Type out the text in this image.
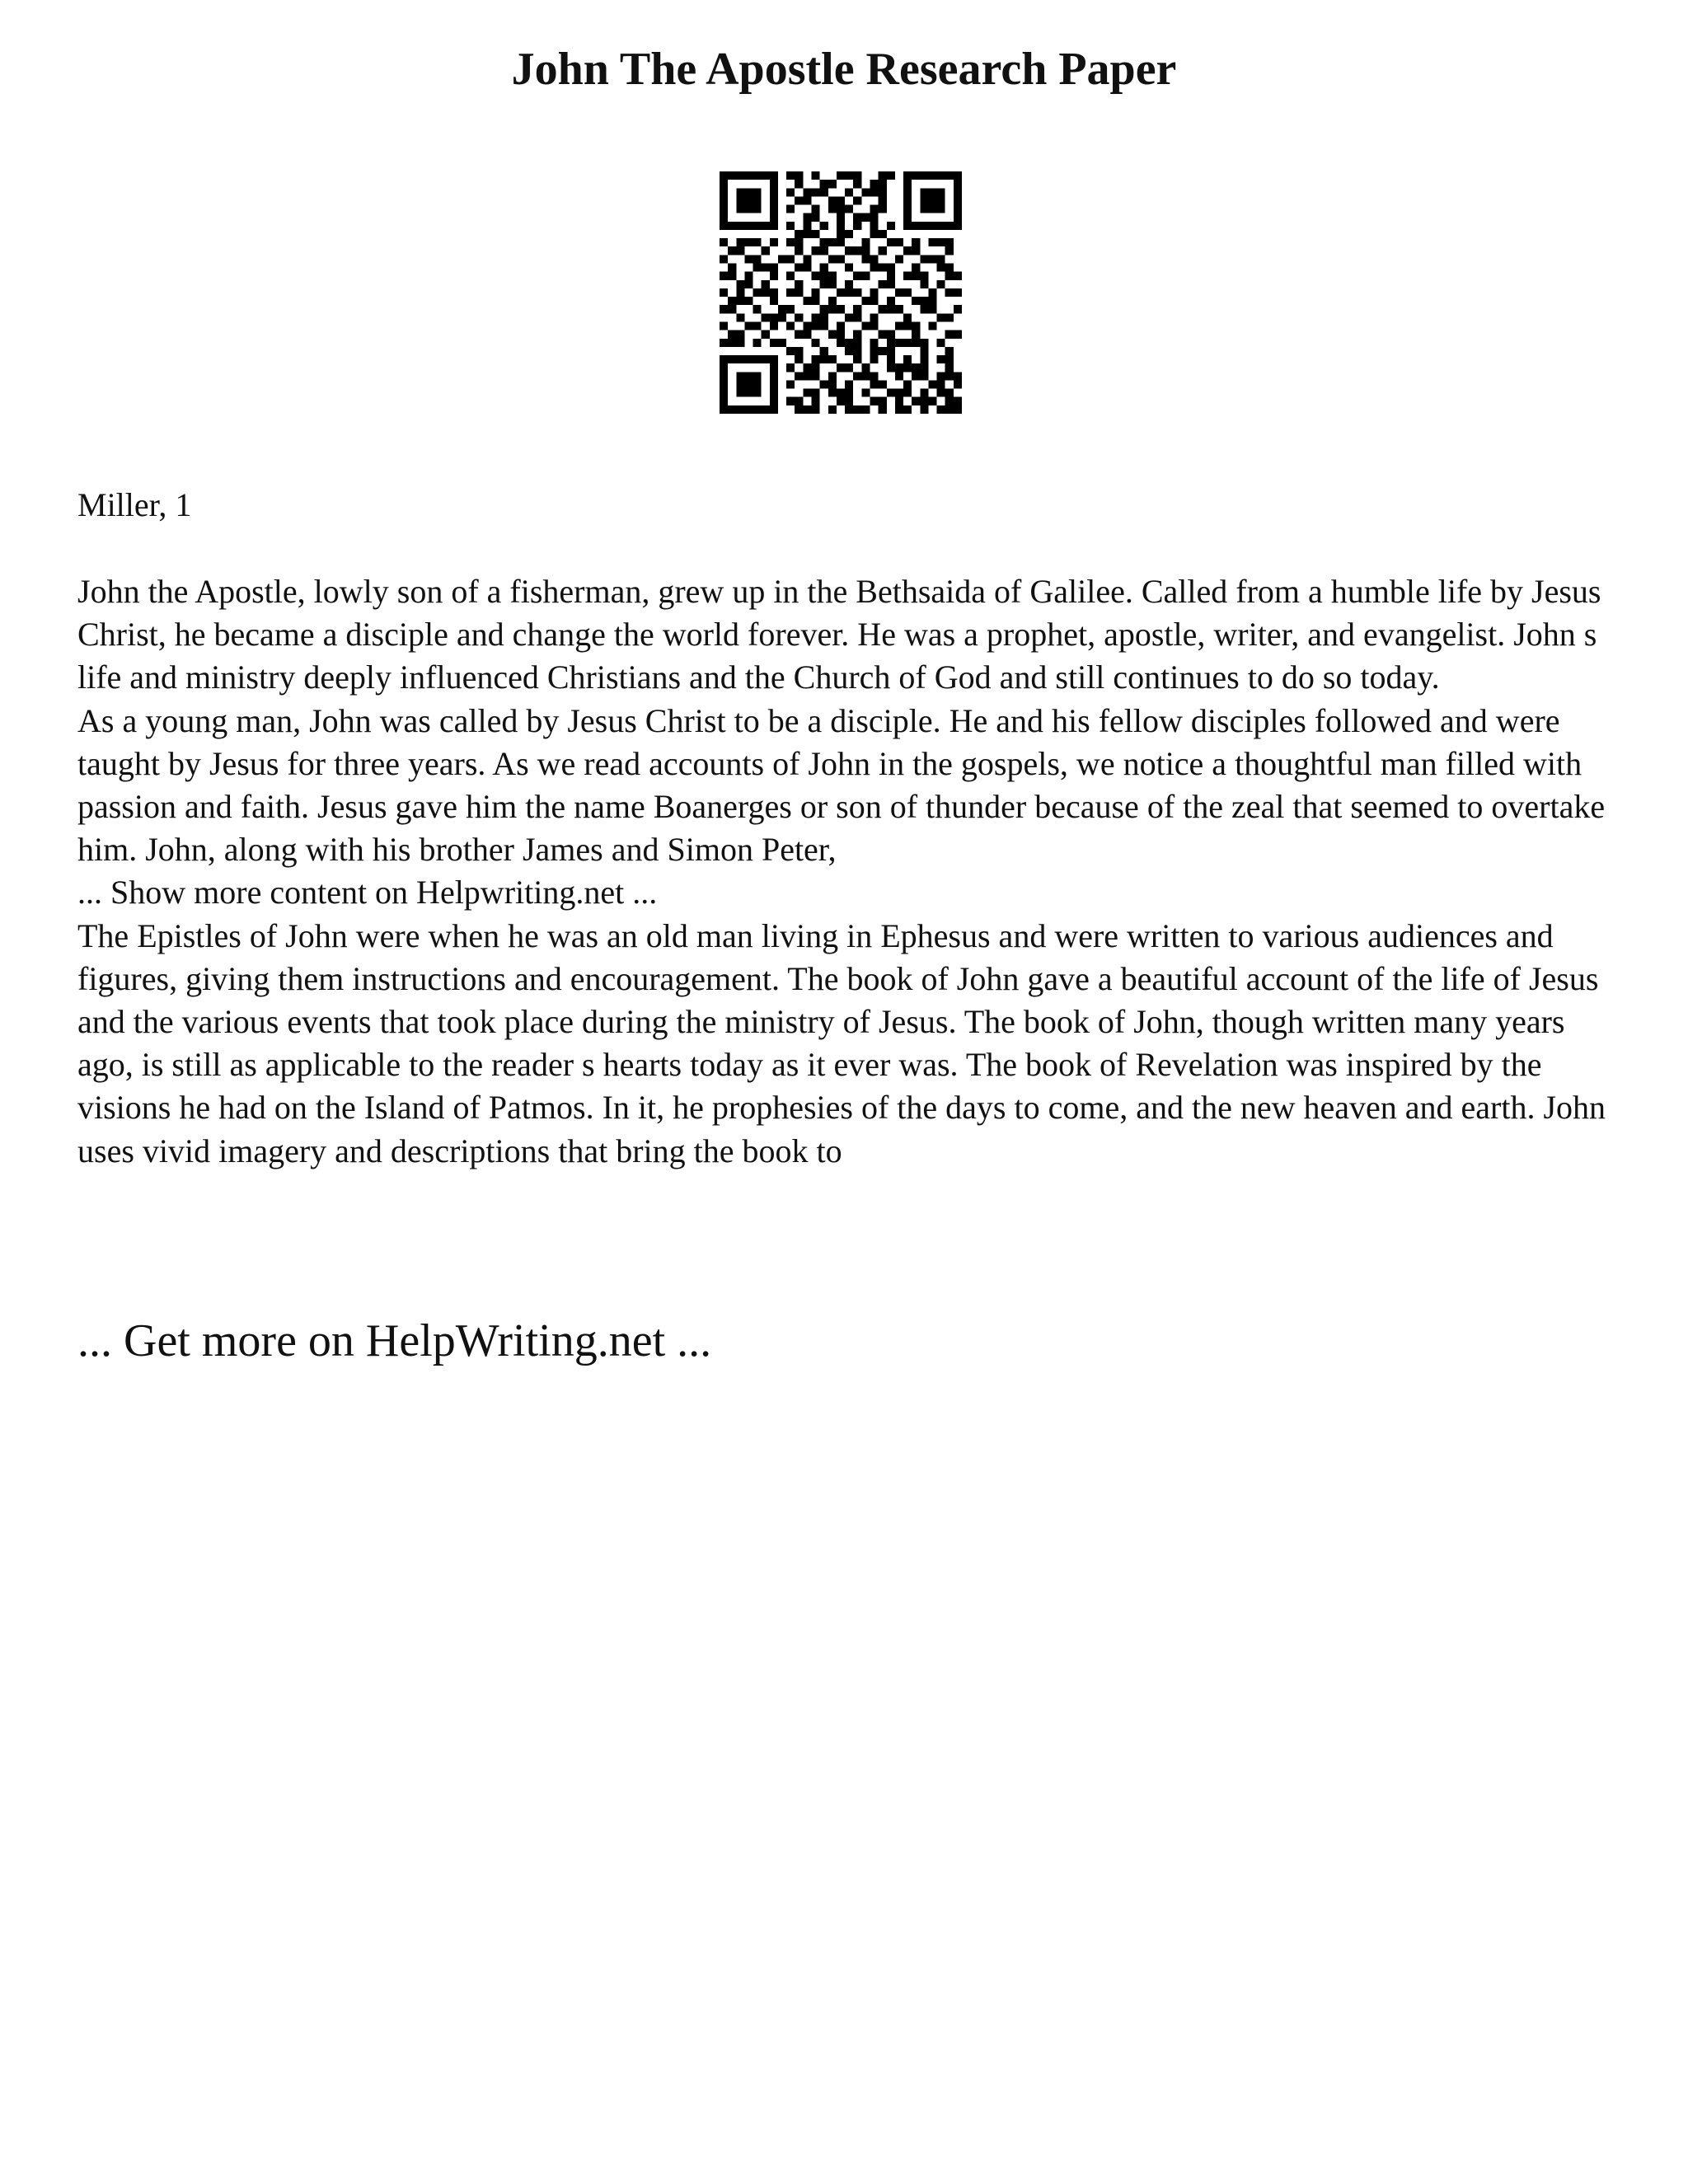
John The Apostle Research Paper

Miller, 1

John the Apostle, lowly son of a fisherman, grew up in the Bethsaida of Galilee. Called from a humble life by Jesus Christ, he became a disciple and change the world forever. He was a prophet, apostle, writer, and evangelist. John s life and ministry deeply influenced Christians and the Church of God and still continues to do so today.

As a young man, John was called by Jesus Christ to be a disciple. He and his fellow disciples followed and were taught by Jesus for three years. As we read accounts of John in the gospels, we notice a thoughtful man filled with passion and faith. Jesus gave him the name Boanerges or son of thunder because of the zeal that seemed to overtake him. John, along with his brother James and Simon Peter,

... Show more content on Helpwriting.net ...

The Epistles of John were when he was an old man living in Ephesus and were written to various audiences and figures, giving them instructions and encouragement. The book of John gave a beautiful account of the life of Jesus and the various events that took place during the ministry of Jesus. The book of John, though written many years ago, is still as applicable to the reader s hearts today as it ever was. The book of Revelation was inspired by the visions he had on the Island of Patmos. In it, he prophesies of the days to come, and the new heaven and earth. John uses vivid imagery and descriptions that bring the book to

... Get more on HelpWriting.net ...
